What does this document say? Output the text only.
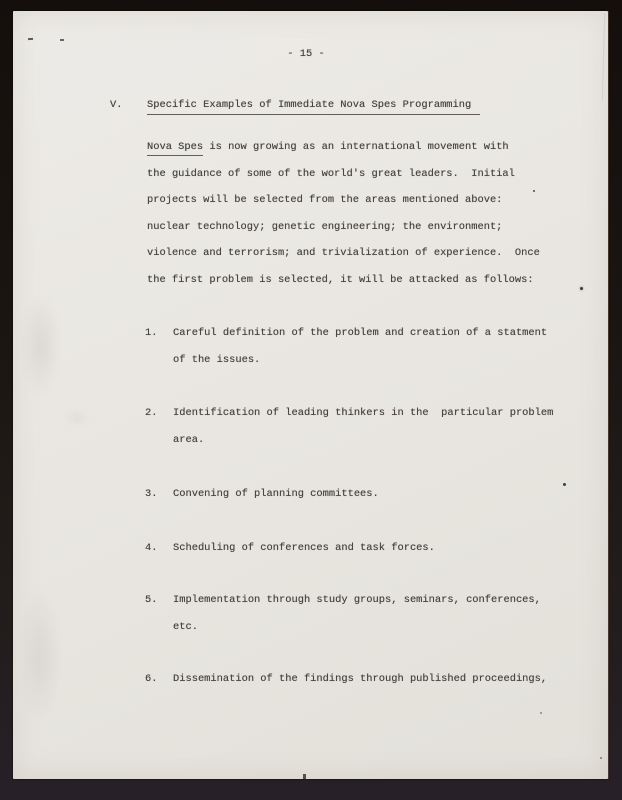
- 15 -
V. Specific Examples of Immediate Nova Spes Programming
Nova Spes is now growing as an international movement with
the guidance of some of the world's great leaders.  Initial
projects will be selected from the areas mentioned above:
nuclear technology; genetic engineering; the environment;
violence and terrorism; and trivialization of experience.  Once
the first problem is selected, it will be attacked as follows:
1. Careful definition of the problem and creation of a statment
of the issues.
2. Identification of leading thinkers in the  particular problem
area.
3. Convening of planning committees.
4. Scheduling of conferences and task forces.
5. Implementation through study groups, seminars, conferences,
etc.
6. Dissemination of the findings through published proceedings,
